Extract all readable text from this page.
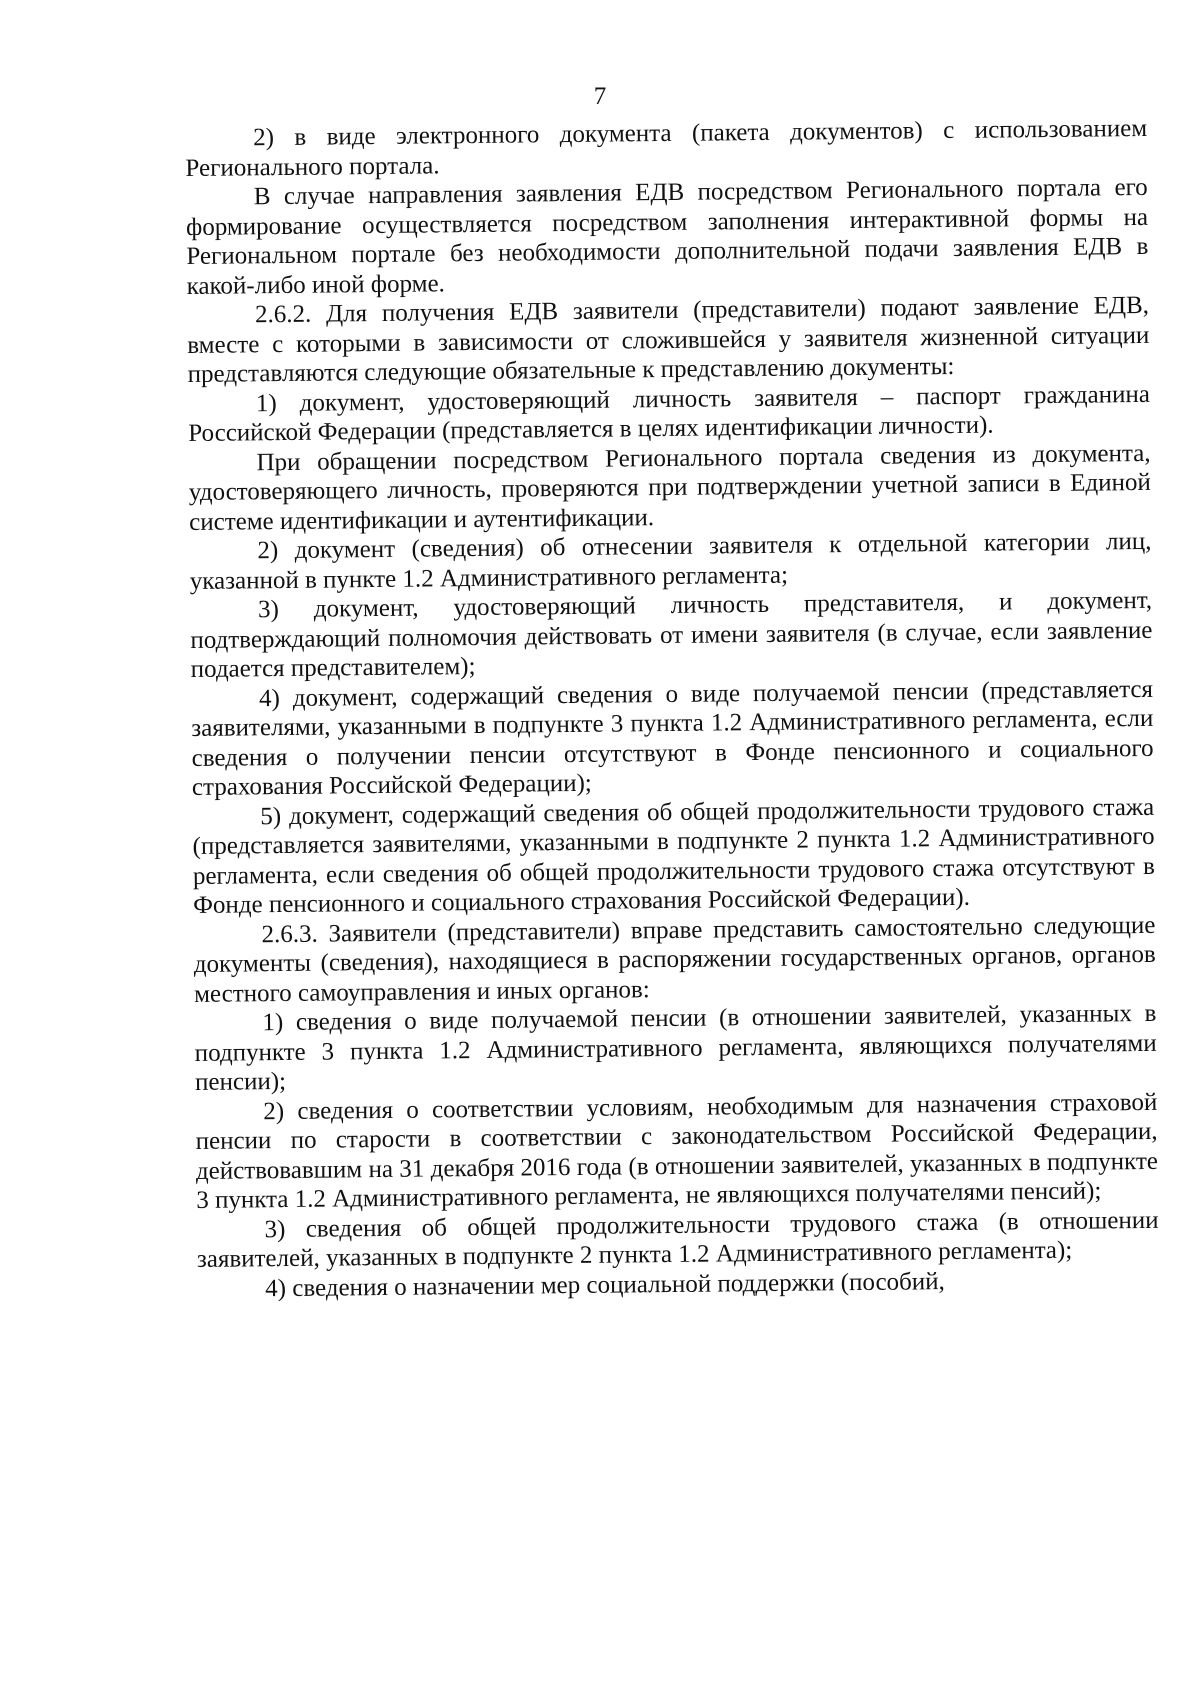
7

2) в виде электронного документа (пакета документов) с использованием Регионального портала.

В случае направления заявления ЕДВ посредством Регионального портала его формирование осуществляется посредством заполнения интерактивной формы на Региональном портале без необходимости дополнительной подачи заявления ЕДВ в какой-либо иной форме.

2.6.2. Для получения ЕДВ заявители (представители) подают заявление ЕДВ, вместе с которыми в зависимости от сложившейся у заявителя жизненной ситуации представляются следующие обязательные к представлению документы:

1) документ, удостоверяющий личность заявителя – паспорт гражданина Российской Федерации (представляется в целях идентификации личности).

При обращении посредством Регионального портала сведения из документа, удостоверяющего личность, проверяются при подтверждении учетной записи в Единой системе идентификации и аутентификации.

2) документ (сведения) об отнесении заявителя к отдельной категории лиц, указанной в пункте 1.2 Административного регламента;

3) документ, удостоверяющий личность представителя, и документ, подтверждающий полномочия действовать от имени заявителя (в случае, если заявление подается представителем);

4) документ, содержащий сведения о виде получаемой пенсии (представляется заявителями, указанными в подпункте 3 пункта 1.2 Административного регламента, если сведения о получении пенсии отсутствуют в Фонде пенсионного и социального страхования Российской Федерации);

5) документ, содержащий сведения об общей продолжительности трудового стажа (представляется заявителями, указанными в подпункте 2 пункта 1.2 Административного регламента, если сведения об общей продолжительности трудового стажа отсутствуют в Фонде пенсионного и социального страхования Российской Федерации).

2.6.3. Заявители (представители) вправе представить самостоятельно следующие документы (сведения), находящиеся в распоряжении государственных органов, органов местного самоуправления и иных органов:

1) сведения о виде получаемой пенсии (в отношении заявителей, указанных в подпункте 3 пункта 1.2 Административного регламента, являющихся получателями пенсии);

2) сведения о соответствии условиям, необходимым для назначения страховой пенсии по старости в соответствии с законодательством Российской Федерации, действовавшим на 31 декабря 2016 года (в отношении заявителей, указанных в подпункте 3 пункта 1.2 Административного регламента, не являющихся получателями пенсий);

3) сведения об общей продолжительности трудового стажа (в отношении заявителей, указанных в подпункте 2 пункта 1.2 Административного регламента);

4) сведения о назначении мер социальной поддержки (пособий,
